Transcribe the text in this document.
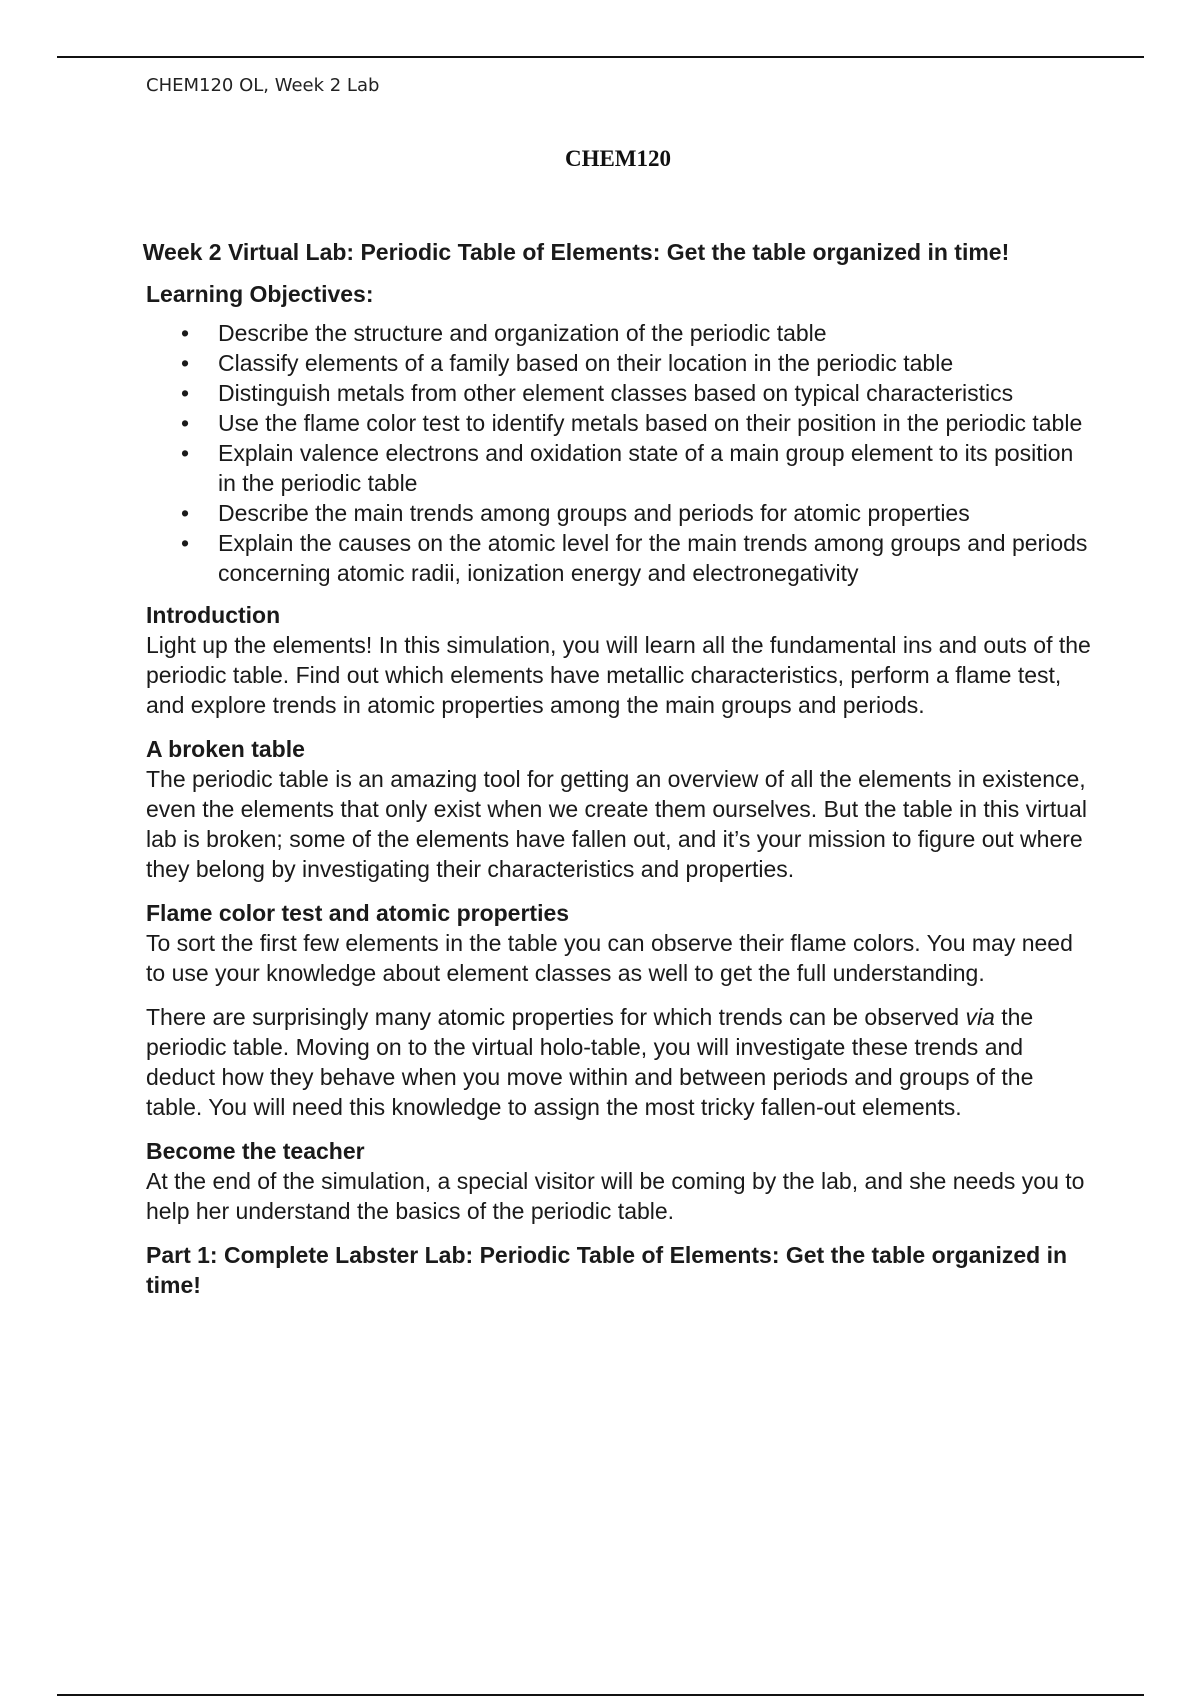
CHEM120 OL, Week 2 Lab
CHEM120
Week 2 Virtual Lab: Periodic Table of Elements: Get the table organized in time!
Learning Objectives:
• Describe the structure and organization of the periodic table
• Classify elements of a family based on their location in the periodic table
• Distinguish metals from other element classes based on typical characteristics
• Use the flame color test to identify metals based on their position in the periodic table
• Explain valence electrons and oxidation state of a main group element to its position in the periodic table
• Describe the main trends among groups and periods for atomic properties
• Explain the causes on the atomic level for the main trends among groups and periods concerning atomic radii, ionization energy and electronegativity
Introduction

Light up the elements! In this simulation, you will learn all the fundamental ins and outs of the periodic table. Find out which elements have metallic characteristics, perform a flame test, and explore trends in atomic properties among the main groups and periods.

A broken table

The periodic table is an amazing tool for getting an overview of all the elements in existence, even the elements that only exist when we create them ourselves. But the table in this virtual lab is broken; some of the elements have fallen out, and it’s your mission to figure out where they belong by investigating their characteristics and properties.

Flame color test and atomic properties

To sort the first few elements in the table you can observe their flame colors. You may need to use your knowledge about element classes as well to get the full understanding.

There are surprisingly many atomic properties for which trends can be observed via the periodic table. Moving on to the virtual holo-table, you will investigate these trends and deduct how they behave when you move within and between periods and groups of the table. You will need this knowledge to assign the most tricky fallen-out elements.

Become the teacher

At the end of the simulation, a special visitor will be coming by the lab, and she needs you to help her understand the basics of the periodic table.

Part 1: Complete Labster Lab: Periodic Table of Elements: Get the table organized in time!
